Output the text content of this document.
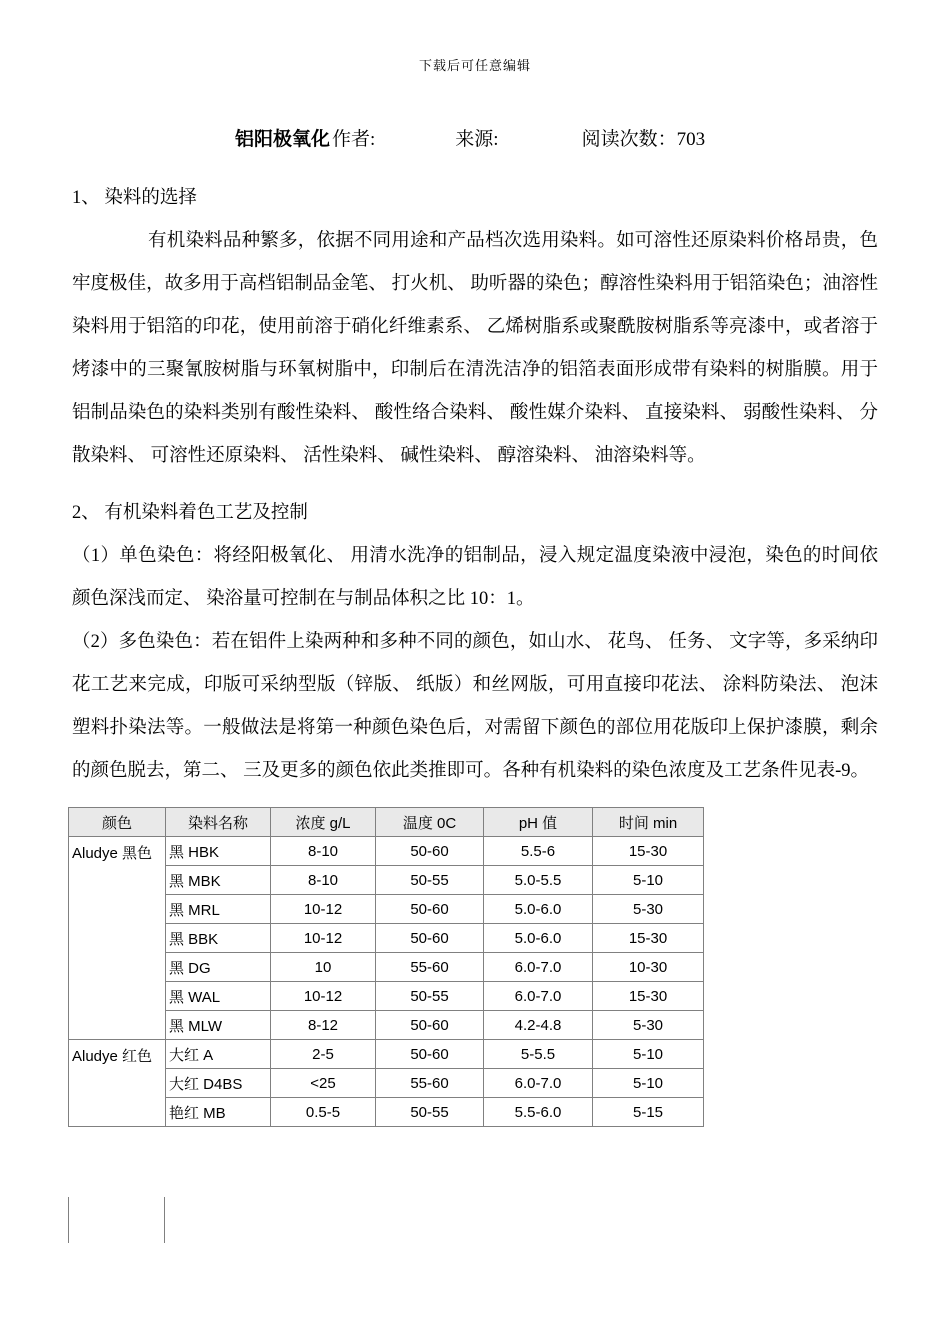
下载后可任意编辑
铝阳极氧化 作者:	来源:	阅读次数：703
1、 染料的选择

有机染料品种繁多，依据不同用途和产品档次选用染料。如可溶性还原染料价格昂贵，色牢度极佳，故多用于高档铝制品金笔、 打火机、 助听器的染色；醇溶性染料用于铝箔染色；油溶性染料用于铝箔的印花，使用前溶于硝化纤维素系、 乙烯树脂系或聚酰胺树脂系等亮漆中，或者溶于烤漆中的三聚氰胺树脂与环氧树脂中，印制后在清洗洁净的铝箔表面形成带有染料的树脂膜。用于铝制品染色的染料类别有酸性染料、 酸性络合染料、 酸性媒介染料、 直接染料、 弱酸性染料、 分散染料、 可溶性还原染料、 活性染料、 碱性染料、 醇溶染料、 油溶染料等。

2、 有机染料着色工艺及控制

（1）单色染色：将经阳极氧化、 用清水洗净的铝制品，浸入规定温度染液中浸泡，染色的时间依颜色深浅而定、 染浴量可控制在与制品体积之比 10：1。

（2）多色染色：若在铝件上染两种和多种不同的颜色，如山水、 花鸟、 任务、 文字等，多采纳印花工艺来完成，印版可采纳型版（锌版、 纸版）和丝网版，可用直接印花法、 涂料防染法、 泡沫塑料扑染法等。一般做法是将第一种颜色染色后，对需留下颜色的部位用花版印上保护漆膜，剩余的颜色脱去，第二、 三及更多的颜色依此类推即可。各种有机染料的染色浓度及工艺条件见表-9。

颜色	染料名称	浓度 g/L	温度 0C	pH 值	时间 min
Aludye 黑色	黑 HBK	8-10	50-60	5.5-6	15-30
	黑 MBK	8-10	50-55	5.0-5.5	5-10
	黑 MRL	10-12	50-60	5.0-6.0	5-30
	黑 BBK	10-12	50-60	5.0-6.0	15-30
	黑 DG	10	55-60	6.0-7.0	10-30
	黑 WAL	10-12	50-55	6.0-7.0	15-30
	黑 MLW	8-12	50-60	4.2-4.8	5-30
Aludye 红色	大红 A	2-5	50-60	5-5.5	5-10
	大红 D4BS	<25	55-60	6.0-7.0	5-10
	艳红 MB	0.5-5	50-55	5.5-6.0	5-15
